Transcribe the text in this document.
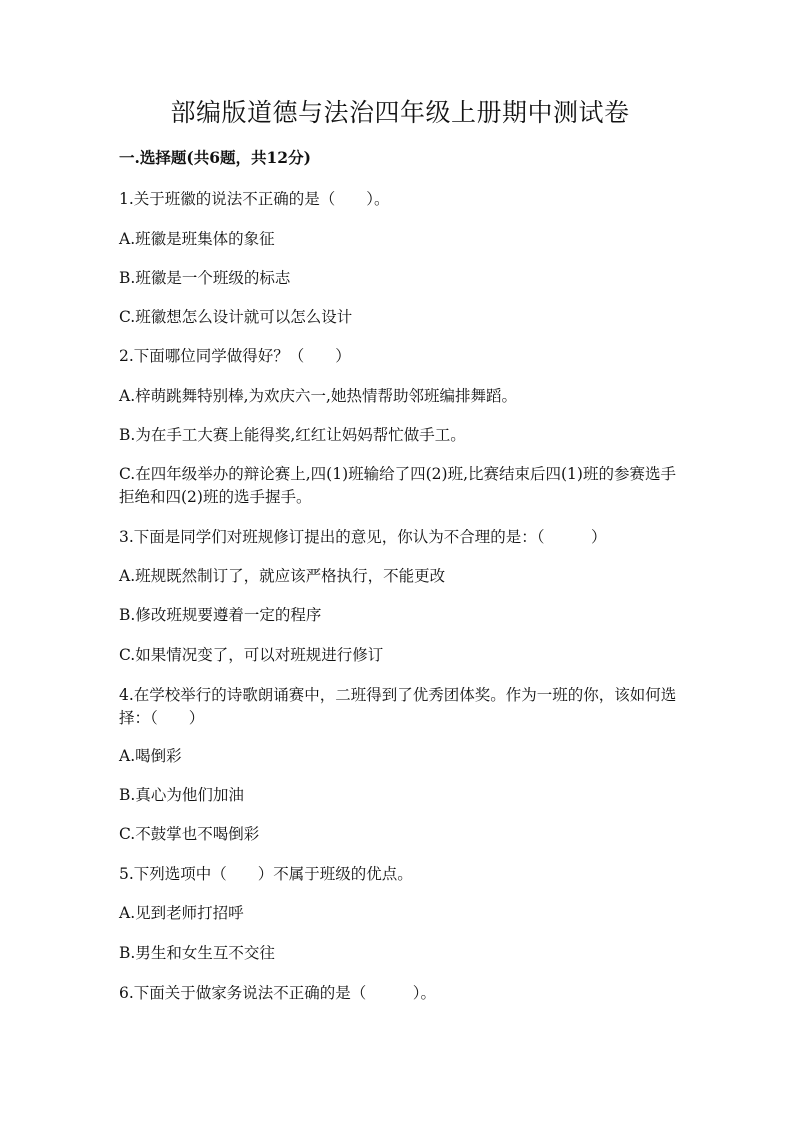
部编版道德与法治四年级上册期中测试卷
一.选择题(共6题，共12分)
1.关于班徽的说法不正确的是（　　）。
A.班徽是班集体的象征
B.班徽是一个班级的标志
C.班徽想怎么设计就可以怎么设计
2.下面哪位同学做得好？（　　）
A.梓萌跳舞特别棒,为欢庆六一,她热情帮助邻班编排舞蹈。
B.为在手工大赛上能得奖,红红让妈妈帮忙做手工。
C.在四年级举办的辩论赛上,四(1)班输给了四(2)班,比赛结束后四(1)班的参赛选手拒绝和四(2)班的选手握手。
3.下面是同学们对班规修订提出的意见，你认为不合理的是：（　　　）
A.班规既然制订了，就应该严格执行，不能更改
B.修改班规要遵着一定的程序
C.如果情况变了，可以对班规进行修订
4.在学校举行的诗歌朗诵赛中，二班得到了优秀团体奖。作为一班的你，该如何选择：（　　）
A.喝倒彩
B.真心为他们加油
C.不鼓掌也不喝倒彩
5.下列选项中（　　）不属于班级的优点。
A.见到老师打招呼
B.男生和女生互不交往
6.下面关于做家务说法不正确的是（　　　）。
